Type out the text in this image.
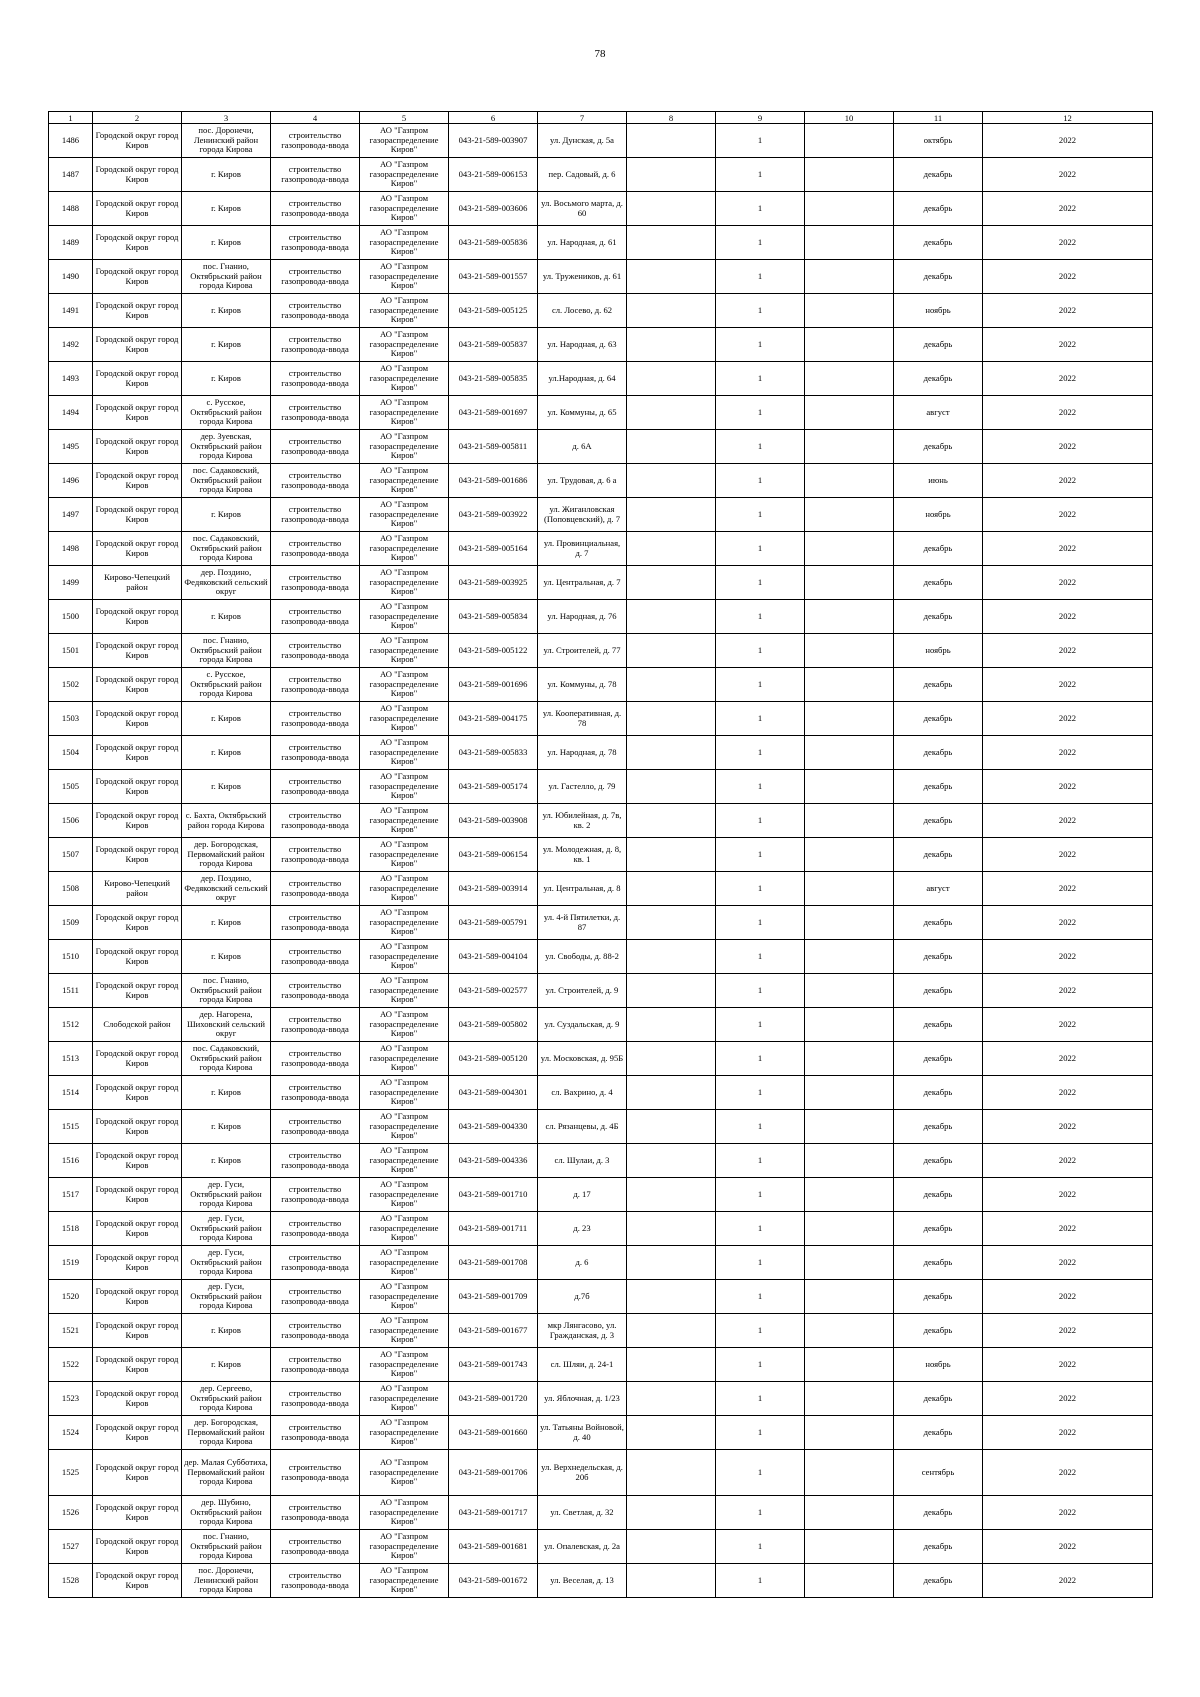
78
1	2	3	4	5	6	7	8	9	10	11	12

1486	Городской округ город Киров	пос. Доронечи, Ленинский район города Кирова	строительство газопровода-ввода	АО "Газпром газораспределение Киров"	043-21-589-003907	ул. Дунская, д. 5а		1		октябрь	2022

1487	Городской округ город Киров	г. Киров	строительство газопровода-ввода	АО "Газпром газораспределение Киров"	043-21-589-006153	пер. Садовый, д. 6		1		декабрь	2022

1488	Городской округ город Киров	г. Киров	строительство газопровода-ввода	АО "Газпром газораспределение Киров"	043-21-589-003606	ул. Восьмого марта, д. 60		1		декабрь	2022

1489	Городской округ город Киров	г. Киров	строительство газопровода-ввода	АО "Газпром газораспределение Киров"	043-21-589-005836	ул. Народная, д. 61		1		декабрь	2022

1490	Городской округ город Киров	пос. Гнанио, Октябрьский район города Кирова	строительство газопровода-ввода	АО "Газпром газораспределение Киров"	043-21-589-001557	ул. Тружеников, д. 61		1		декабрь	2022

1491	Городской округ город Киров	г. Киров	строительство газопровода-ввода	АО "Газпром газораспределение Киров"	043-21-589-005125	сл. Лосево, д. 62		1		ноябрь	2022

1492	Городской округ город Киров	г. Киров	строительство газопровода-ввода	АО "Газпром газораспределение Киров"	043-21-589-005837	ул. Народная, д. 63		1		декабрь	2022

1493	Городской округ город Киров	г. Киров	строительство газопровода-ввода	АО "Газпром газораспределение Киров"	043-21-589-005835	ул.Народная, д. 64		1		декабрь	2022

1494	Городской округ город Киров	с. Русское, Октябрьский район города Кирова	строительство газопровода-ввода	АО "Газпром газораспределение Киров"	043-21-589-001697	ул. Коммуны, д. 65		1		август	2022

1495	Городской округ город Киров	дер. Зуевская, Октябрьский район города Кирова	строительство газопровода-ввода	АО "Газпром газораспределение Киров"	043-21-589-005811	д. 6А		1		декабрь	2022

1496	Городской округ город Киров	пос. Садаковский, Октябрьский район города Кирова	строительство газопровода-ввода	АО "Газпром газораспределение Киров"	043-21-589-001686	ул. Трудовая, д. 6 а		1		июнь	2022

1497	Городской округ город Киров	г. Киров	строительство газопровода-ввода	АО "Газпром газораспределение Киров"	043-21-589-003922	ул. Жиганловская (Поповцевский), д. 7		1		ноябрь	2022

1498	Городской округ город Киров	пос. Садаковский, Октябрьский район города Кирова	строительство газопровода-ввода	АО "Газпром газораспределение Киров"	043-21-589-005164	ул. Провинциальная, д. 7		1		декабрь	2022

1499	Кирово-Чепецкий район	дер. Поздино, Федяковский сельский округ	строительство газопровода-ввода	АО "Газпром газораспределение Киров"	043-21-589-003925	ул. Центральная, д. 7		1		декабрь	2022

1500	Городской округ город Киров	г. Киров	строительство газопровода-ввода	АО "Газпром газораспределение Киров"	043-21-589-005834	ул. Народная, д. 76		1		декабрь	2022

1501	Городской округ город Киров	пос. Гнанио, Октябрьский район города Кирова	строительство газопровода-ввода	АО "Газпром газораспределение Киров"	043-21-589-005122	ул. Строителей, д. 77		1		ноябрь	2022

1502	Городской округ город Киров	с. Русское, Октябрьский район города Кирова	строительство газопровода-ввода	АО "Газпром газораспределение Киров"	043-21-589-001696	ул. Коммуны, д. 78		1		декабрь	2022

1503	Городской округ город Киров	г. Киров	строительство газопровода-ввода	АО "Газпром газораспределение Киров"	043-21-589-004175	ул. Кооперативная, д. 78		1		декабрь	2022

1504	Городской округ город Киров	г. Киров	строительство газопровода-ввода	АО "Газпром газораспределение Киров"	043-21-589-005833	ул. Народная, д. 78		1		декабрь	2022

1505	Городской округ город Киров	г. Киров	строительство газопровода-ввода	АО "Газпром газораспределение Киров"	043-21-589-005174	ул. Гастелло, д. 79		1		декабрь	2022

1506	Городской округ город Киров	с. Бахта, Октябрьский район города Кирова	строительство газопровода-ввода	АО "Газпром газораспределение Киров"	043-21-589-003908	ул. Юбилейная, д. 7в, кв. 2		1		декабрь	2022

1507	Городской округ город Киров	дер. Богородская, Первомайский район города Кирова	строительство газопровода-ввода	АО "Газпром газораспределение Киров"	043-21-589-006154	ул. Молодежная, д. 8, кв. 1		1		декабрь	2022

1508	Кирово-Чепецкий район	дер. Поздино, Федяковский сельский округ	строительство газопровода-ввода	АО "Газпром газораспределение Киров"	043-21-589-003914	ул. Центральная, д. 8		1		август	2022

1509	Городской округ город Киров	г. Киров	строительство газопровода-ввода	АО "Газпром газораспределение Киров"	043-21-589-005791	ул. 4-й Пятилетки, д. 87		1		декабрь	2022

1510	Городской округ город Киров	г. Киров	строительство газопровода-ввода	АО "Газпром газораспределение Киров"	043-21-589-004104	ул. Свободы, д. 88-2		1		декабрь	2022

1511	Городской округ город Киров	пос. Гнанио, Октябрьский район города Кирова	строительство газопровода-ввода	АО "Газпром газораспределение Киров"	043-21-589-002577	ул. Строителей, д. 9		1		декабрь	2022

1512	Слободской район	дер. Нагорена, Шиховский сельский округ	строительство газопровода-ввода	АО "Газпром газораспределение Киров"	043-21-589-005802	ул. Суздальская, д. 9		1		декабрь	2022

1513	Городской округ город Киров	пос. Садаковский, Октябрьский район города Кирова	строительство газопровода-ввода	АО "Газпром газораспределение Киров"	043-21-589-005120	ул. Московская, д. 95Б		1		декабрь	2022

1514	Городской округ город Киров	г. Киров	строительство газопровода-ввода	АО "Газпром газораспределение Киров"	043-21-589-004301	сл. Вахрино, д. 4		1		декабрь	2022

1515	Городской округ город Киров	г. Киров	строительство газопровода-ввода	АО "Газпром газораспределение Киров"	043-21-589-004330	сл. Рязанцевы, д. 4Б		1		декабрь	2022

1516	Городской округ город Киров	г. Киров	строительство газопровода-ввода	АО "Газпром газораспределение Киров"	043-21-589-004336	сл. Шулаи, д. 3		1		декабрь	2022

1517	Городской округ город Киров	дер. Гуси, Октябрьский район города Кирова	строительство газопровода-ввода	АО "Газпром газораспределение Киров"	043-21-589-001710	д. 17		1		декабрь	2022

1518	Городской округ город Киров	дер. Гуси, Октябрьский район города Кирова	строительство газопровода-ввода	АО "Газпром газораспределение Киров"	043-21-589-001711	д. 23		1		декабрь	2022

1519	Городской округ город Киров	дер. Гуси, Октябрьский район города Кирова	строительство газопровода-ввода	АО "Газпром газораспределение Киров"	043-21-589-001708	д. 6		1		декабрь	2022

1520	Городской округ город Киров	дер. Гуси, Октябрьский район города Кирова	строительство газопровода-ввода	АО "Газпром газораспределение Киров"	043-21-589-001709	д.7б		1		декабрь	2022

1521	Городской округ город Киров	г. Киров	строительство газопровода-ввода	АО "Газпром газораспределение Киров"	043-21-589-001677	мкр Лянгасово, ул. Гражданская, д. 3		1		декабрь	2022

1522	Городской округ город Киров	г. Киров	строительство газопровода-ввода	АО "Газпром газораспределение Киров"	043-21-589-001743	сл. Шляи, д. 24-1		1		ноябрь	2022

1523	Городской округ город Киров	дер. Сергеево, Октябрьский район города Кирова	строительство газопровода-ввода	АО "Газпром газораспределение Киров"	043-21-589-001720	ул. Яблочная, д. 1/23		1		декабрь	2022

1524	Городской округ город Киров	дер. Богородская, Первомайский район города Кирова	строительство газопровода-ввода	АО "Газпром газораспределение Киров"	043-21-589-001660	ул. Татьяны Войновой, д. 40		1		декабрь	2022

1525	Городской округ город Киров	дер. Малая Субботиха, Первомайский район города Кирова	строительство газопровода-ввода	АО "Газпром газораспределение Киров"	043-21-589-001706	ул. Верхнедельская, д. 20б		1		сентябрь	2022

1526	Городской округ город Киров	дер. Шубино, Октябрьский район города Кирова	строительство газопровода-ввода	АО "Газпром газораспределение Киров"	043-21-589-001717	ул. Светлая, д. 32		1		декабрь	2022

1527	Городской округ город Киров	пос. Гнанио, Октябрьский район города Кирова	строительство газопровода-ввода	АО "Газпром газораспределение Киров"	043-21-589-001681	ул. Опалевская, д. 2а		1		декабрь	2022

1528	Городской округ город Киров	пос. Доронечи, Ленинский район города Кирова	строительство газопровода-ввода	АО "Газпром газораспределение Киров"	043-21-589-001672	ул. Веселая, д. 13		1		декабрь	2022
